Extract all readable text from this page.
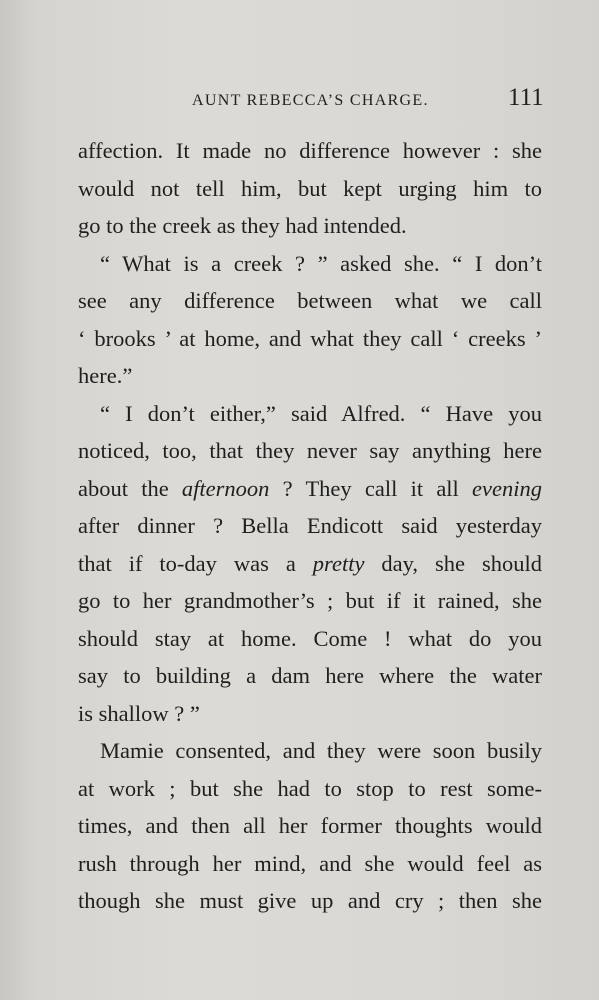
AUNT REBECCA’S CHARGE.	111
affection. It made no difference however : she
would not tell him, but kept urging him to
go to the creek as they had intended.
“ What is a creek ? ” asked she. “ I don’t
see any difference between what we call
‘ brooks ’ at home, and what they call ‘ creeks ’
here.”
“ I don’t either,” said Alfred. “ Have you
noticed, too, that they never say anything here
about the afternoon ? They call it all evening
after dinner ? Bella Endicott said yesterday
that if to-day was a pretty day, she should
go to her grandmother’s ; but if it rained, she
should stay at home. Come ! what do you
say to building a dam here where the water
is shallow ? ”
Mamie consented, and they were soon busily
at work ; but she had to stop to rest some-
times, and then all her former thoughts would
rush through her mind, and she would feel as
though she must give up and cry ; then she
